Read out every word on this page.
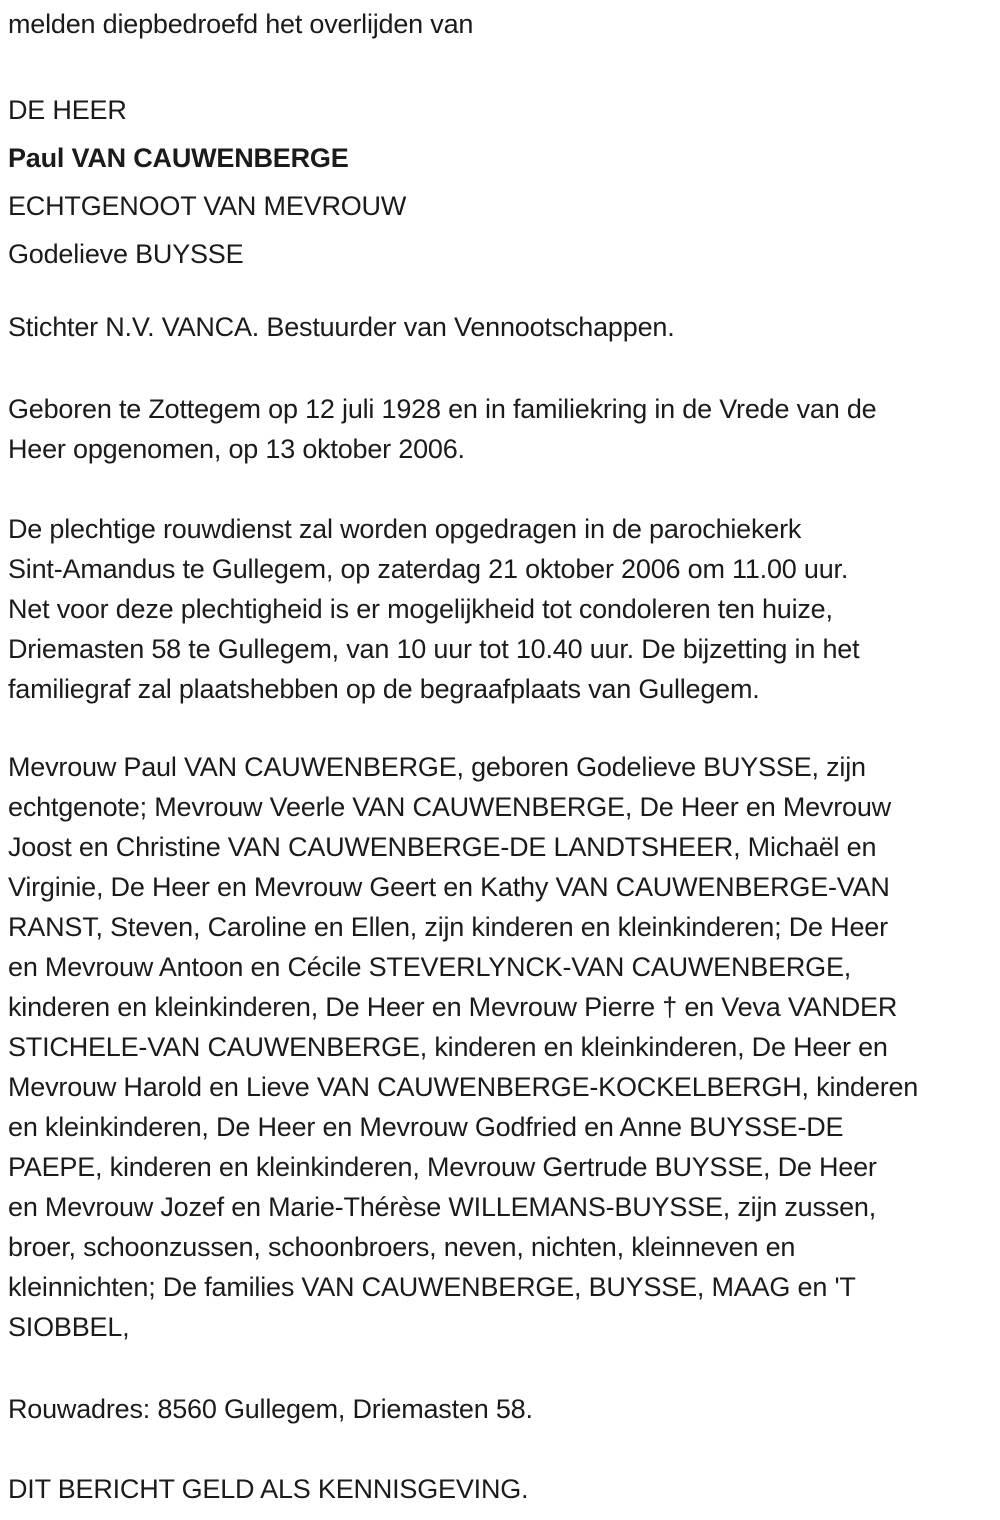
melden diepbedroefd het overlijden van
DE HEER
Paul VAN CAUWENBERGE
ECHTGENOOT VAN MEVROUW
Godelieve BUYSSE
Stichter N.V. VANCA. Bestuurder van Vennootschappen.
Geboren te Zottegem op 12 juli 1928 en in familiekring in de Vrede van de
Heer opgenomen, op 13 oktober 2006.
De plechtige rouwdienst zal worden opgedragen in de parochiekerk
Sint-Amandus te Gullegem, op zaterdag 21 oktober 2006 om 11.00 uur.
Net voor deze plechtigheid is er mogelijkheid tot condoleren ten huize,
Driemasten 58 te Gullegem, van 10 uur tot 10.40 uur. De bijzetting in het
familiegraf zal plaatshebben op de begraafplaats van Gullegem.
Mevrouw Paul VAN CAUWENBERGE, geboren Godelieve BUYSSE, zijn
echtgenote; Mevrouw Veerle VAN CAUWENBERGE, De Heer en Mevrouw
Joost en Christine VAN CAUWENBERGE-DE LANDTSHEER, Michaël en
Virginie, De Heer en Mevrouw Geert en Kathy VAN CAUWENBERGE-VAN
RANST, Steven, Caroline en Ellen, zijn kinderen en kleinkinderen; De Heer
en Mevrouw Antoon en Cécile STEVERLYNCK-VAN CAUWENBERGE,
kinderen en kleinkinderen, De Heer en Mevrouw Pierre † en Veva VANDER
STICHELE-VAN CAUWENBERGE, kinderen en kleinkinderen, De Heer en
Mevrouw Harold en Lieve VAN CAUWENBERGE-KOCKELBERGH, kinderen
en kleinkinderen, De Heer en Mevrouw Godfried en Anne BUYSSE-DE
PAEPE, kinderen en kleinkinderen, Mevrouw Gertrude BUYSSE, De Heer
en Mevrouw Jozef en Marie-Thérèse WILLEMANS-BUYSSE, zijn zussen,
broer, schoonzussen, schoonbroers, neven, nichten, kleinneven en
kleinnichten; De families VAN CAUWENBERGE, BUYSSE, MAAG en 'T
SIOBBEL,
Rouwadres: 8560 Gullegem, Driemasten 58.
DIT BERICHT GELD ALS KENNISGEVING.
